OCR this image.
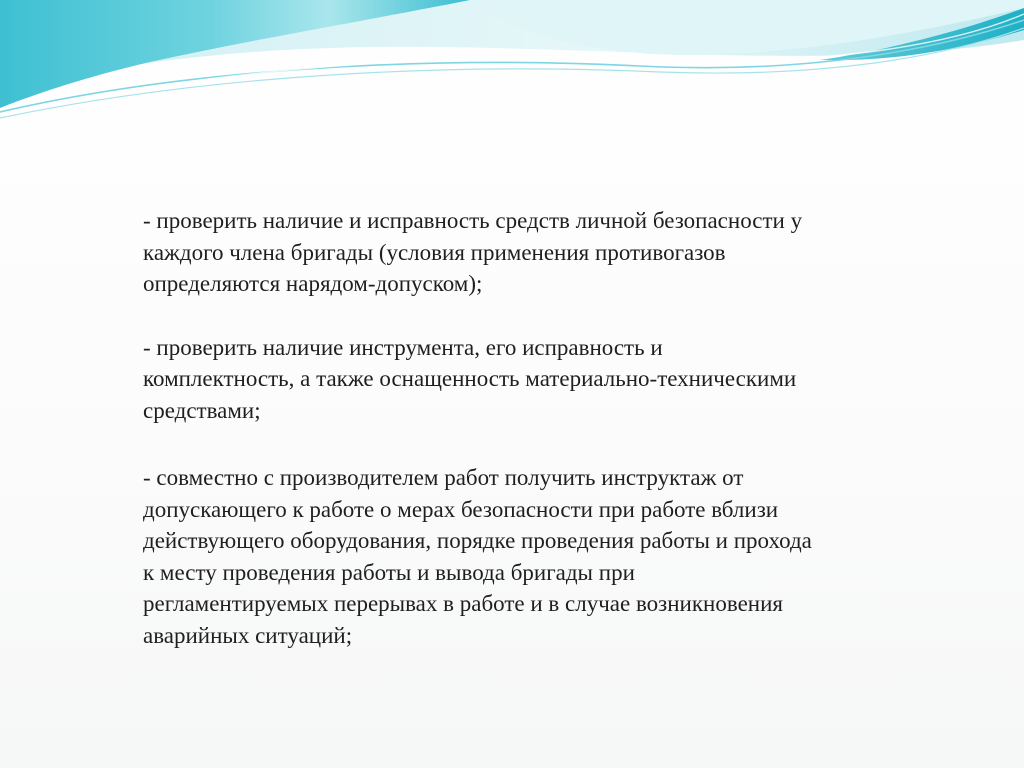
- проверить наличие и исправность средств личной безопасности у
каждого члена бригады (условия применения противогазов
определяются нарядом-допуском);

- проверить наличие инструмента, его исправность и
комплектность, а также оснащенность материально-техническими
средствами;

- совместно с производителем работ получить инструктаж от
допускающего к работе о мерах безопасности при работе вблизи
действующего оборудования, порядке проведения работы и прохода
к месту проведения работы и вывода бригады при
регламентируемых перерывах в работе и в случае возникновения
аварийных ситуаций;
